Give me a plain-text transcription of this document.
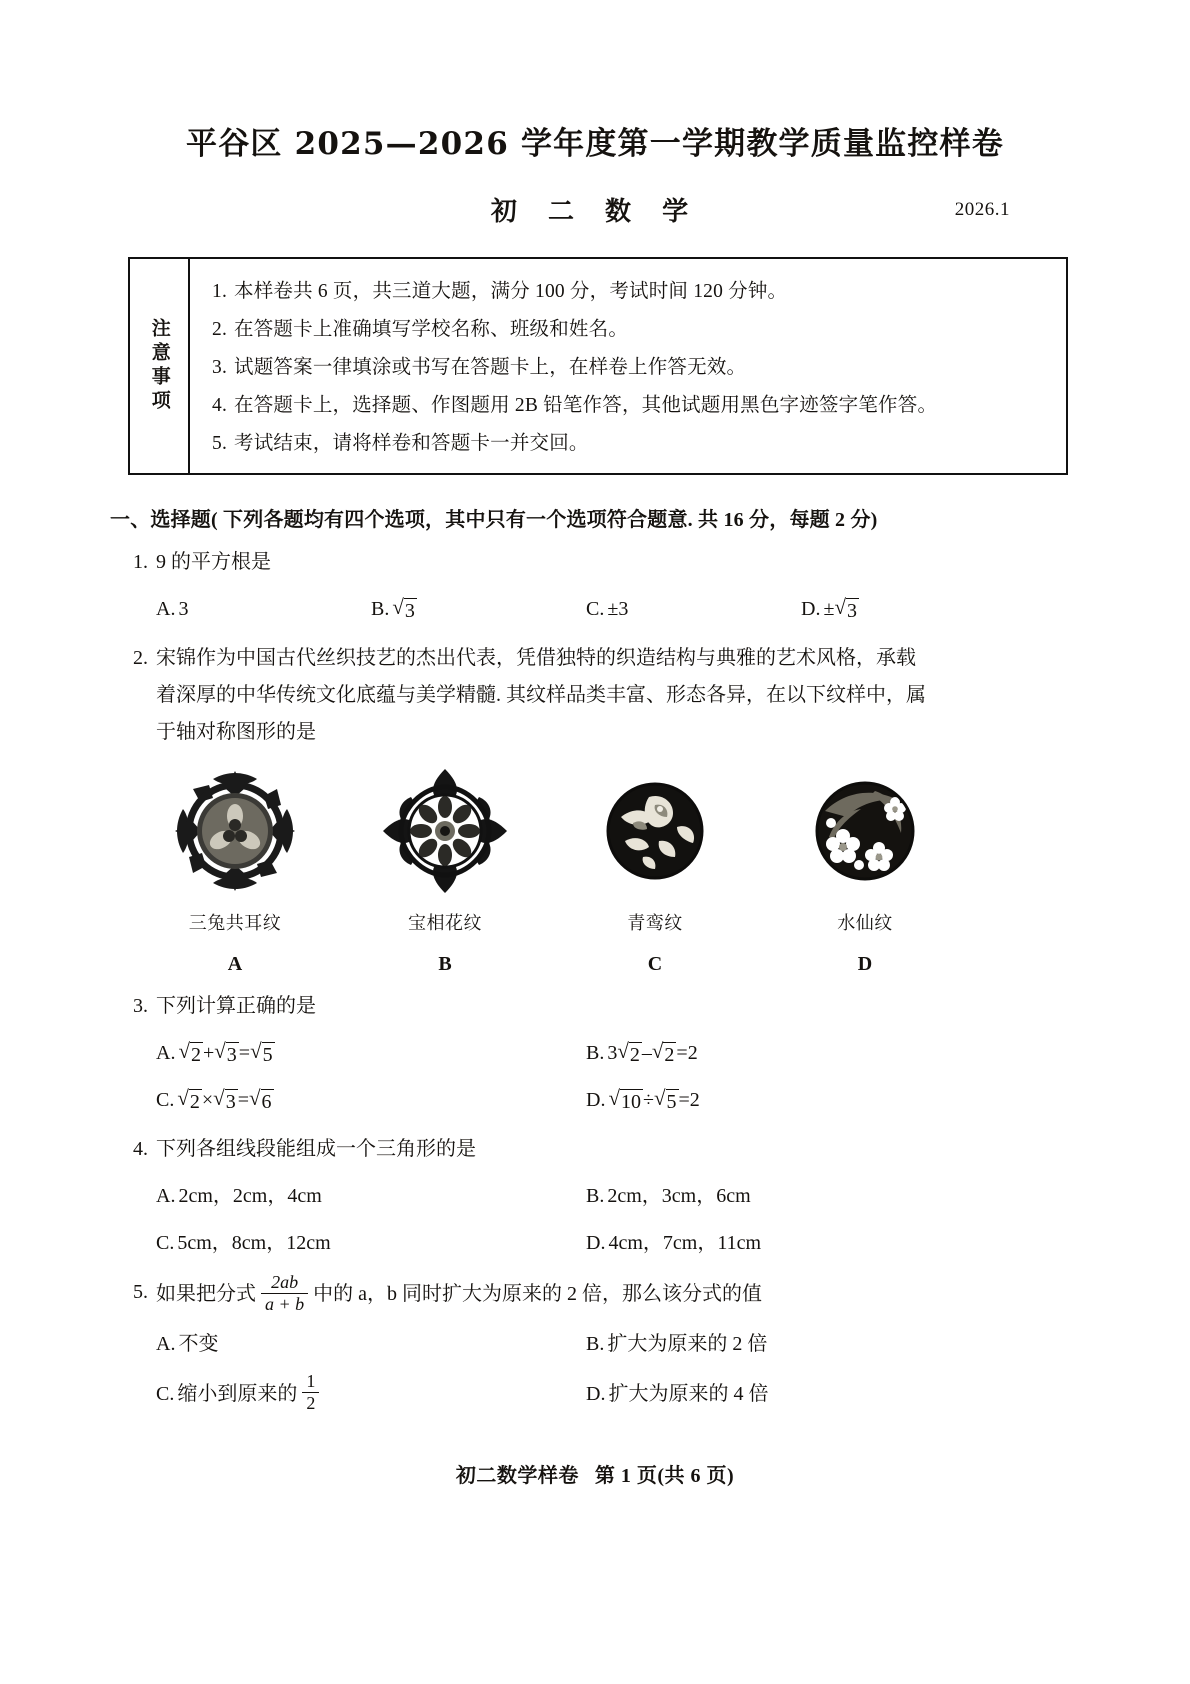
平谷区 2025—2026 学年度第一学期教学质量监控样卷
初 二 数 学	2026.1
注意事项
1. 本样卷共 6 页，共三道大题，满分 100 分，考试时间 120 分钟。
2. 在答题卡上准确填写学校名称、班级和姓名。
3. 试题答案一律填涂或书写在答题卡上，在样卷上作答无效。
4. 在答题卡上，选择题、作图题用 2B 铅笔作答，其他试题用黑色字迹签字笔作答。
5. 考试结束，请将样卷和答题卡一并交回。
一、选择题( 下列各题均有四个选项，其中只有一个选项符合题意. 共 16 分，每题 2 分)
1. 9 的平方根是
A. 3	B. √ 3	C. ± 3	D. ± √ 3
2. 宋锦作为中国古代丝织技艺的杰出代表，凭借独特的织造结构与典雅的艺术风格，承载
着深厚的中华传统文化底蕴与美学精髓. 其纹样品类丰富、形态各异，在以下纹样中，属
于轴对称图形的是
三兔共耳纹
A
宝相花纹
B
青鸾纹
C
水仙纹
D
3. 下列计算正确的是
A. √ 2 + √ 3 = √ 5	B. 3 √ 2 – √ 2 = 2
C. √ 2 × √ 3 = √ 6	D. √ 10 ÷ √ 5 = 2
4. 下列各组线段能组成一个三角形的是
A. 2cm，2cm，4cm	B. 2cm，3cm，6cm
C. 5cm，8cm，12cm	D. 4cm，7cm，11cm
5. 如果把分式 $\frac{2ab}{a + b}$ 中的 a，b 同时扩大为原来的 2 倍，那么该分式的值
A. 不变	B. 扩大为原来的 2 倍
C. 缩小到原来的 $\frac{1}{2}$	D. 扩大为原来的 4 倍
初二数学样卷 第 1 页(共 6 页)
